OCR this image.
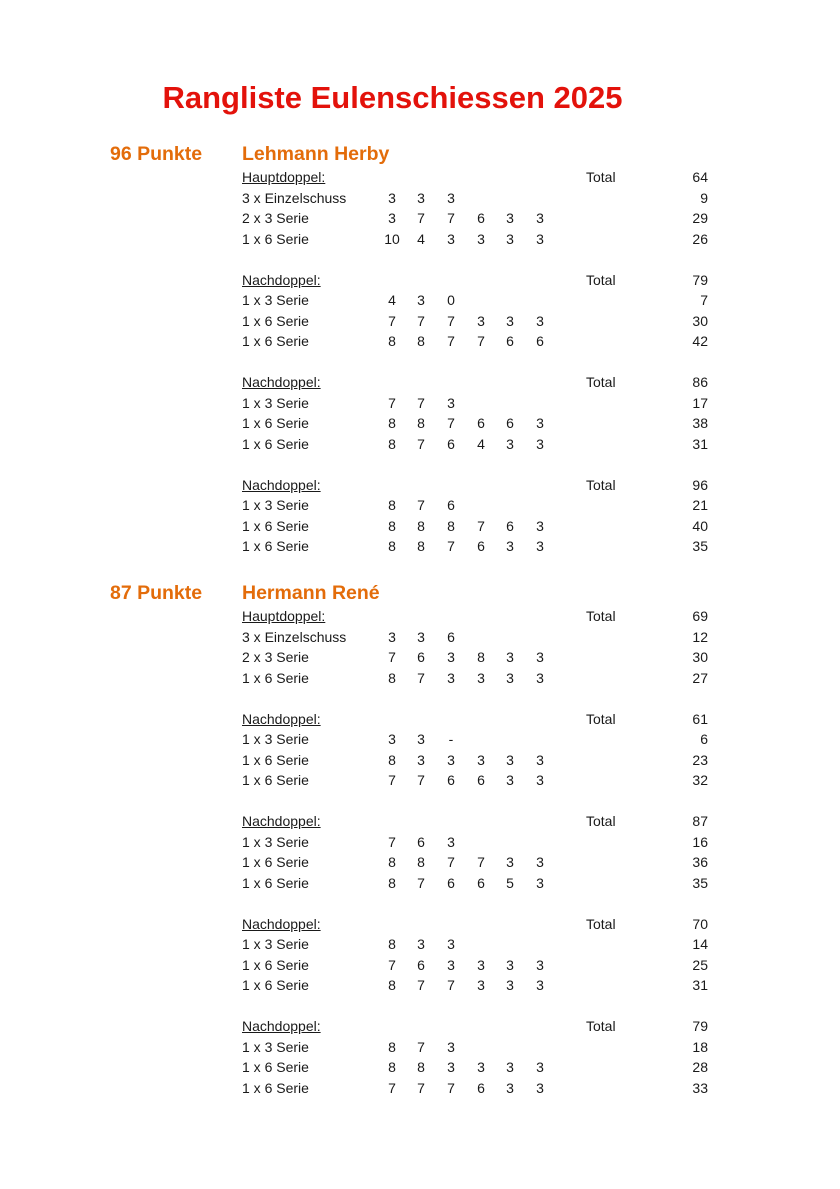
Rangliste Eulenschiessen 2025
96 Punkte Lehmann Herby
Hauptdoppel:	Total	64
3 x Einzelschuss	3	3	3	9
2 x 3 Serie	3	7	7	6	3	3	29
1 x 6 Serie	10	4	3	3	3	3	26
Nachdoppel:	Total	79
1 x 3 Serie	4	3	0	7
1 x 6 Serie	7	7	7	3	3	3	30
1 x 6 Serie	8	8	7	7	6	6	42
Nachdoppel:	Total	86
1 x 3 Serie	7	7	3	17
1 x 6 Serie	8	8	7	6	6	3	38
1 x 6 Serie	8	7	6	4	3	3	31
Nachdoppel:	Total	96
1 x 3 Serie	8	7	6	21
1 x 6 Serie	8	8	8	7	6	3	40
1 x 6 Serie	8	8	7	6	3	3	35
87 Punkte Hermann René
Hauptdoppel:	Total	69
3 x Einzelschuss	3	3	6	12
2 x 3 Serie	7	6	3	8	3	3	30
1 x 6 Serie	8	7	3	3	3	3	27
Nachdoppel:	Total	61
1 x 3 Serie	3	3	-	6
1 x 6 Serie	8	3	3	3	3	3	23
1 x 6 Serie	7	7	6	6	3	3	32
Nachdoppel:	Total	87
1 x 3 Serie	7	6	3	16
1 x 6 Serie	8	8	7	7	3	3	36
1 x 6 Serie	8	7	6	6	5	3	35
Nachdoppel:	Total	70
1 x 3 Serie	8	3	3	14
1 x 6 Serie	7	6	3	3	3	3	25
1 x 6 Serie	8	7	7	3	3	3	31
Nachdoppel:	Total	79
1 x 3 Serie	8	7	3	18
1 x 6 Serie	8	8	3	3	3	3	28
1 x 6 Serie	7	7	7	6	3	3	33
